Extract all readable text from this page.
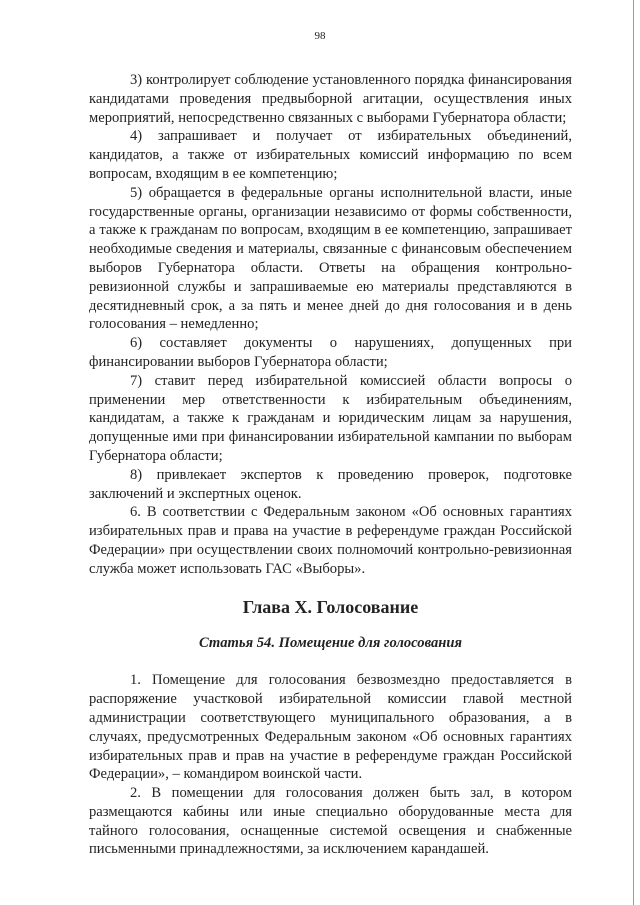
98

3) контролирует соблюдение установленного порядка финансирования кандидатами проведения предвыборной агитации, осуществления иных мероприятий, непосредственно связанных с выборами Губернатора области;

4) запрашивает и получает от избирательных объединений, кандидатов, а также от избирательных комиссий информацию по всем вопросам, входящим в ее компетенцию;

5) обращается в федеральные органы исполнительной власти, иные государственные органы, организации независимо от формы собственности, а также к гражданам по вопросам, входящим в ее компетенцию, запрашивает необходимые сведения и материалы, связанные с финансовым обеспечением выборов Губернатора области. Ответы на обращения контрольно-ревизионной службы и запрашиваемые ею материалы представляются в десятидневный срок, а за пять и менее дней до дня голосования и в день голосования – немедленно;

6) составляет документы о нарушениях, допущенных при финансировании выборов Губернатора области;

7) ставит перед избирательной комиссией области вопросы о применении мер ответственности к избирательным объединениям, кандидатам, а также к гражданам и юридическим лицам за нарушения, допущенные ими при финансировании избирательной кампании по выборам Губернатора области;

8) привлекает экспертов к проведению проверок, подготовке заключений и экспертных оценок.

6. В соответствии с Федеральным законом «Об основных гарантиях избирательных прав и права на участие в референдуме граждан Российской Федерации» при осуществлении своих полномочий контрольно-ревизионная служба может использовать ГАС «Выборы».

Глава X. Голосование
Статья 54. Помещение для голосования

1. Помещение для голосования безвозмездно предоставляется в распоряжение участковой избирательной комиссии главой местной администрации соответствующего муниципального образования, а в случаях, предусмотренных Федеральным законом «Об основных гарантиях избирательных прав и прав на участие в референдуме граждан Российской Федерации», – командиром воинской части.

2. В помещении для голосования должен быть зал, в котором размещаются кабины или иные специально оборудованные места для тайного голосования, оснащенные системой освещения и снабженные письменными принадлежностями, за исключением карандашей.
